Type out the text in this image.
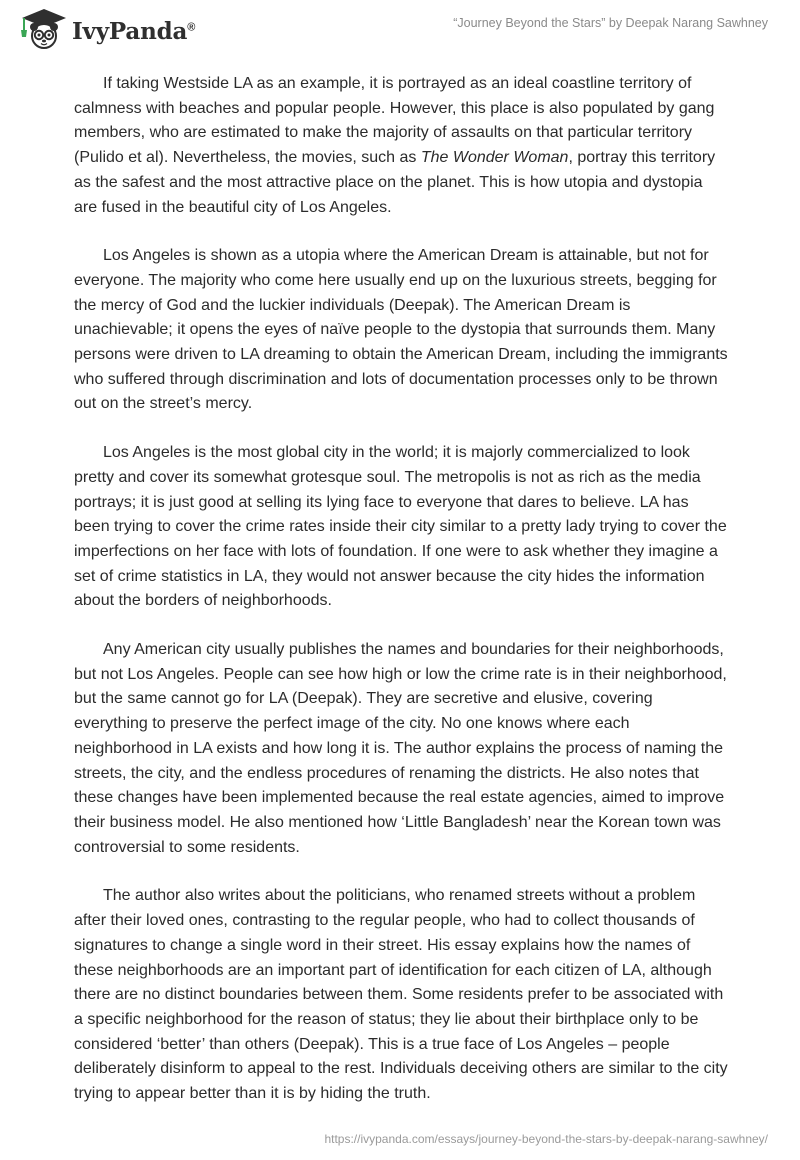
IvyPanda®	“Journey Beyond the Stars” by Deepak Narang Sawhney

If taking Westside LA as an example, it is portrayed as an ideal coastline territory of calmness with beaches and popular people. However, this place is also populated by gang members, who are estimated to make the majority of assaults on that particular territory (Pulido et al). Nevertheless, the movies, such as The Wonder Woman, portray this territory as the safest and the most attractive place on the planet. This is how utopia and dystopia are fused in the beautiful city of Los Angeles.

Los Angeles is shown as a utopia where the American Dream is attainable, but not for everyone. The majority who come here usually end up on the luxurious streets, begging for the mercy of God and the luckier individuals (Deepak). The American Dream is unachievable; it opens the eyes of naïve people to the dystopia that surrounds them. Many persons were driven to LA dreaming to obtain the American Dream, including the immigrants who suffered through discrimination and lots of documentation processes only to be thrown out on the street’s mercy.

Los Angeles is the most global city in the world; it is majorly commercialized to look pretty and cover its somewhat grotesque soul. The metropolis is not as rich as the media portrays; it is just good at selling its lying face to everyone that dares to believe. LA has been trying to cover the crime rates inside their city similar to a pretty lady trying to cover the imperfections on her face with lots of foundation. If one were to ask whether they imagine a set of crime statistics in LA, they would not answer because the city hides the information about the borders of neighborhoods.

Any American city usually publishes the names and boundaries for their neighborhoods, but not Los Angeles. People can see how high or low the crime rate is in their neighborhood, but the same cannot go for LA (Deepak). They are secretive and elusive, covering everything to preserve the perfect image of the city. No one knows where each neighborhood in LA exists and how long it is. The author explains the process of naming the streets, the city, and the endless procedures of renaming the districts. He also notes that these changes have been implemented because the real estate agencies, aimed to improve their business model. He also mentioned how ‘Little Bangladesh’ near the Korean town was controversial to some residents.

The author also writes about the politicians, who renamed streets without a problem after their loved ones, contrasting to the regular people, who had to collect thousands of signatures to change a single word in their street. His essay explains how the names of these neighborhoods are an important part of identification for each citizen of LA, although there are no distinct boundaries between them. Some residents prefer to be associated with a specific neighborhood for the reason of status; they lie about their birthplace only to be considered ‘better’ than others (Deepak). This is a true face of Los Angeles – people deliberately disinform to appeal to the rest. Individuals deceiving others are similar to the city trying to appear better than it is by hiding the truth.

https://ivypanda.com/essays/journey-beyond-the-stars-by-deepak-narang-sawhney/
